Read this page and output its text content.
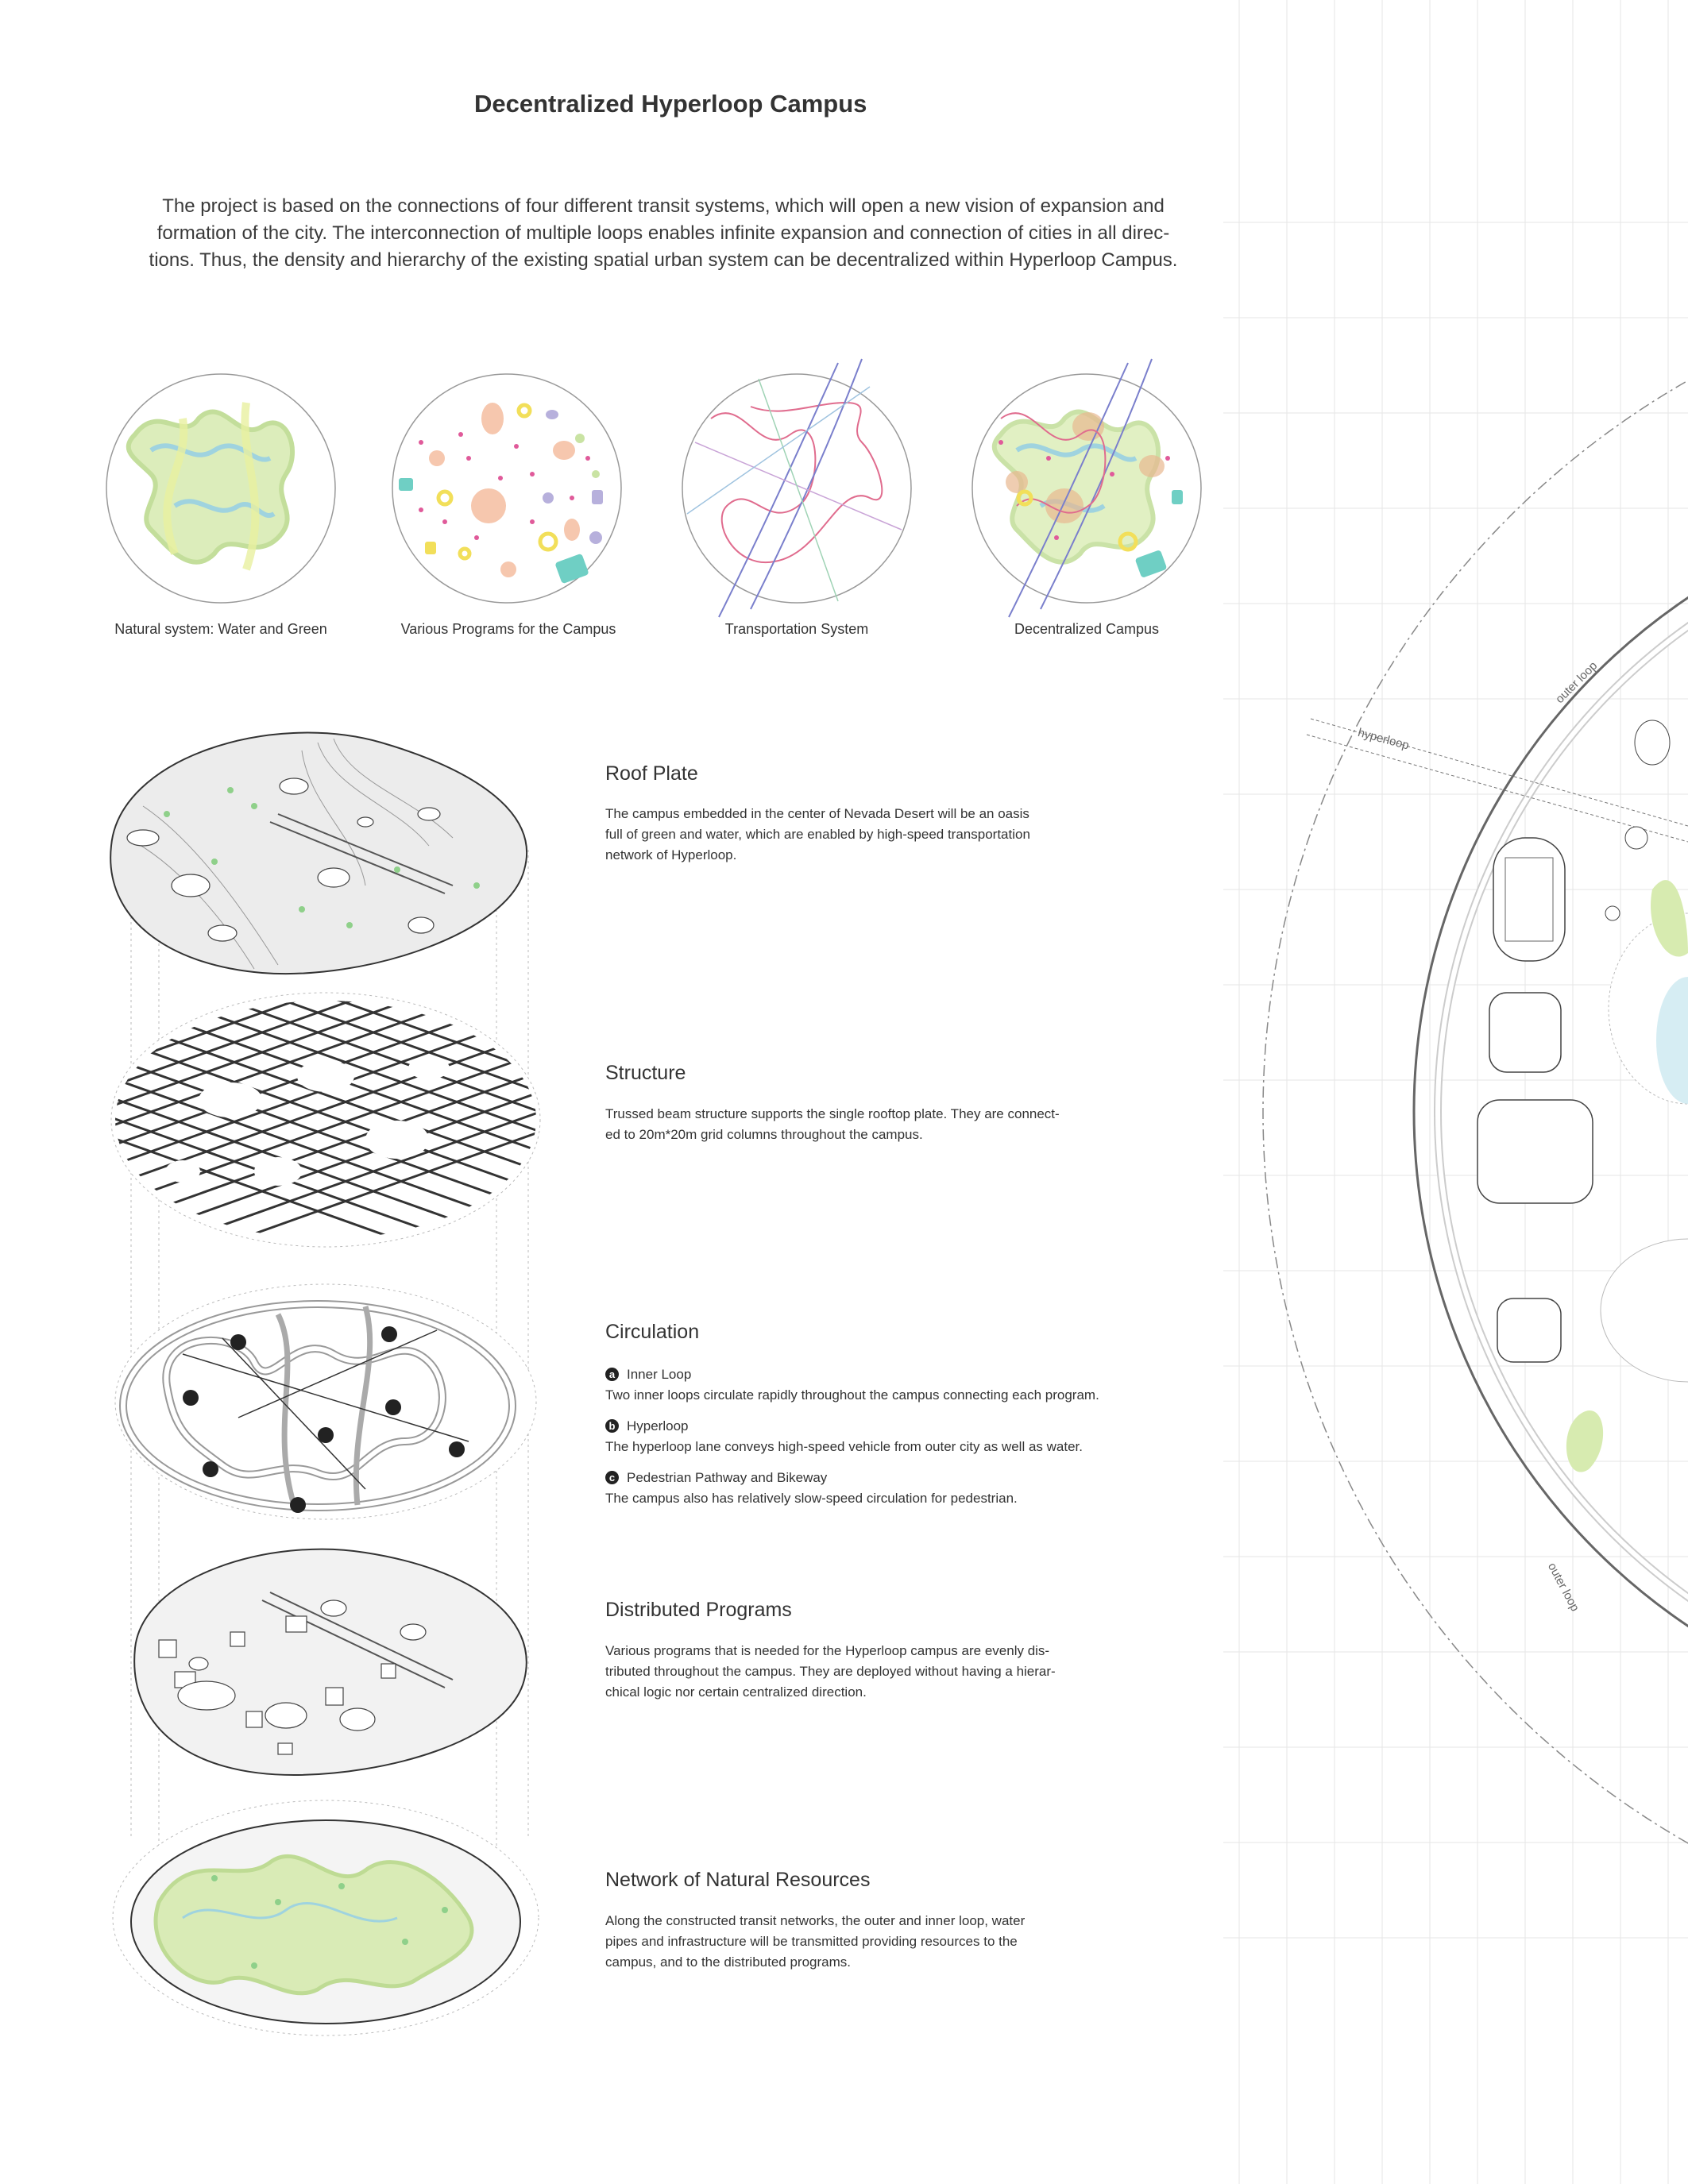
Decentralized Hyperloop Campus
The project is based on the connections of four different transit systems, which will open a new vision of expansion and
formation of the city. The interconnection of multiple loops enables infinite expansion and connection of cities in all direc-
tions. Thus, the density and hierarchy of the existing spatial urban system can be decentralized within Hyperloop Campus.
Natural system: Water and Green	Various Programs for the Campus	Transportation System	Decentralized Campus
Roof Plate
The campus embedded in the center of Nevada Desert will be an oasis
full of green and water, which are enabled by high-speed transportation
network of Hyperloop.
Structure
Trussed beam structure supports the single rooftop plate. They are connect-
ed to 20m*20m grid columns throughout the campus.
Circulation
a Inner Loop
Two inner loops circulate rapidly throughout the campus connecting each program.
b Hyperloop
The hyperloop lane conveys high-speed vehicle from outer city as well as water.
c Pedestrian Pathway and Bikeway
The campus also has relatively slow-speed circulation for pedestrian.
Distributed Programs
Various programs that is needed for the Hyperloop campus are evenly dis-
tributed throughout the campus. They are deployed without having a hierar-
chical logic nor certain centralized direction.
Network of Natural Resources
Along the constructed transit networks, the outer and inner loop, water
pipes and infrastructure will be transmitted providing resources to the
campus, and to the distributed programs.
hyperloop
outer loop
outer loop
